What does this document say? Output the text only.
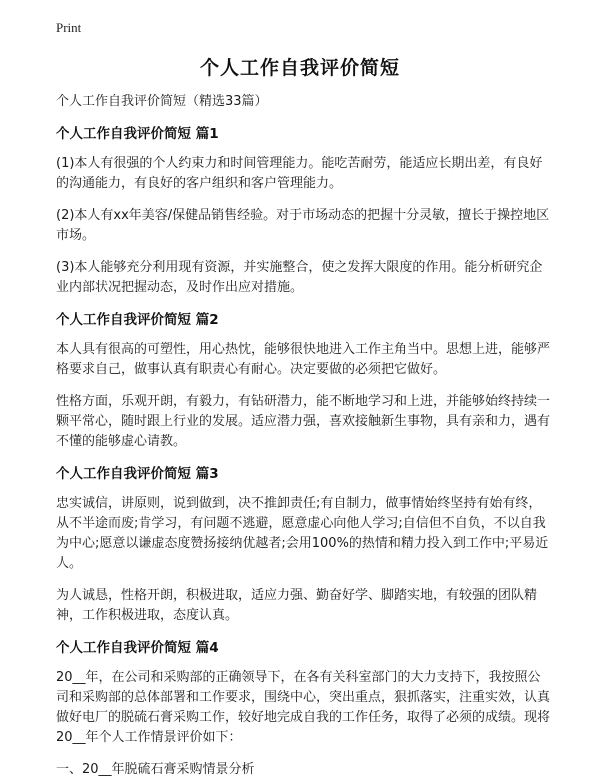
Print
个人工作自我评价简短
个人工作自我评价简短（精选33篇）
个人工作自我评价简短 篇1
(1)本人有很强的个人约束力和时间管理能力。能吃苦耐劳，能适应长期出差，有良好的沟通能力，有良好的客户组织和客户管理能力。
(2)本人有xx年美容/保健品销售经验。对于市场动态的把握十分灵敏，擅长于操控地区市场。
(3)本人能够充分利用现有资源，并实施整合，使之发挥大限度的作用。能分析研究企业内部状况把握动态，及时作出应对措施。
个人工作自我评价简短 篇2
本人具有很高的可塑性，用心热忱，能够很快地进入工作主角当中。思想上进，能够严格要求自己，做事认真有职责心有耐心。决定要做的必须把它做好。
性格方面，乐观开朗，有毅力，有钻研潜力，能不断地学习和上进，并能够始终持续一颗平常心，随时跟上行业的发展。适应潜力强，喜欢接触新生事物，具有亲和力，遇有不懂的能够虚心请教。
个人工作自我评价简短 篇3
忠实诚信，讲原则，说到做到，决不推卸责任;有自制力，做事情始终坚持有始有终，从不半途而废;肯学习，有问题不逃避，愿意虚心向他人学习;自信但不自负，不以自我为中心;愿意以谦虚态度赞扬接纳优越者;会用100%的热情和精力投入到工作中;平易近人。
为人诚恳，性格开朗，积极进取，适应力强、勤奋好学、脚踏实地，有较强的团队精神，工作积极进取，态度认真。
个人工作自我评价简短 篇4
20__年，在公司和采购部的正确领导下，在各有关科室部门的大力支持下，我按照公司和采购部的总体部署和工作要求，围绕中心，突出重点，狠抓落实，注重实效，认真做好电厂的脱硫石膏采购工作，较好地完成自我的工作任务，取得了必须的成绩。现将20__年个人工作情景评价如下：
一、20__年脱硫石膏采购情景分析
